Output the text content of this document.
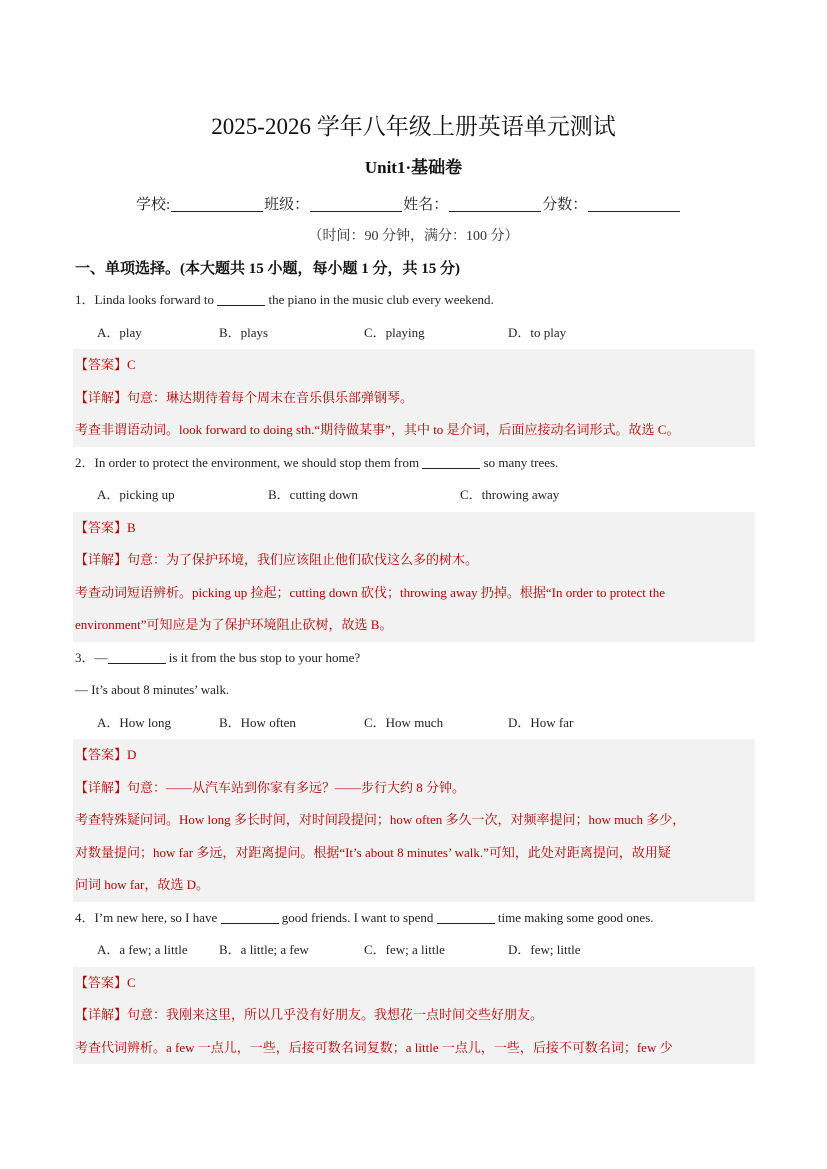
2025-2026 学年八年级上册英语单元测试
Unit1·基础卷
学校:	班级：	姓名：	分数：
（时间：90 分钟，满分：100 分）
一、单项选择。(本大题共 15 小题，每小题 1 分，共 15 分)
1．Linda looks forward to	the piano in the music club every weekend.
A．play	B．plays	C．playing	D．to play
【答案】C
【详解】句意：琳达期待着每个周末在音乐俱乐部弹钢琴。
考查非谓语动词。look forward to doing sth.“期待做某事”，其中 to 是介词，后面应接动名词形式。故选 C。
2．In order to protect the environment, we should stop them from	so many trees.
A．picking up	B．cutting down	C．throwing away
【答案】B
【详解】句意：为了保护环境，我们应该阻止他们砍伐这么多的树木。
考查动词短语辨析。picking up 捡起；cutting down 砍伐；throwing away 扔掉。根据“In order to protect the
environment”可知应是为了保护环境阻止砍树，故选 B。
3．—	is it from the bus stop to your home?
— It’s about 8 minutes’ walk.
A．How long	B．How often	C．How much	D．How far
【答案】D
【详解】句意：——从汽车站到你家有多远？——步行大约 8 分钟。
考查特殊疑问词。How long 多长时间，对时间段提问；how often 多久一次，对频率提问；how much 多少，
对数量提问；how far 多远，对距离提问。根据“It’s about 8 minutes’ walk.”可知，此处对距离提问，故用疑
问词 how far，故选 D。
4．I’m new here, so I have	good friends. I want to spend	time making some good ones.
A．a few; a little B．a little; a few	C．few; a little	D．few; little
【答案】C
【详解】句意：我刚来这里，所以几乎没有好朋友。我想花一点时间交些好朋友。
考查代词辨析。a few 一点儿，一些，后接可数名词复数；a little 一点儿，一些，后接不可数名词；few 少
